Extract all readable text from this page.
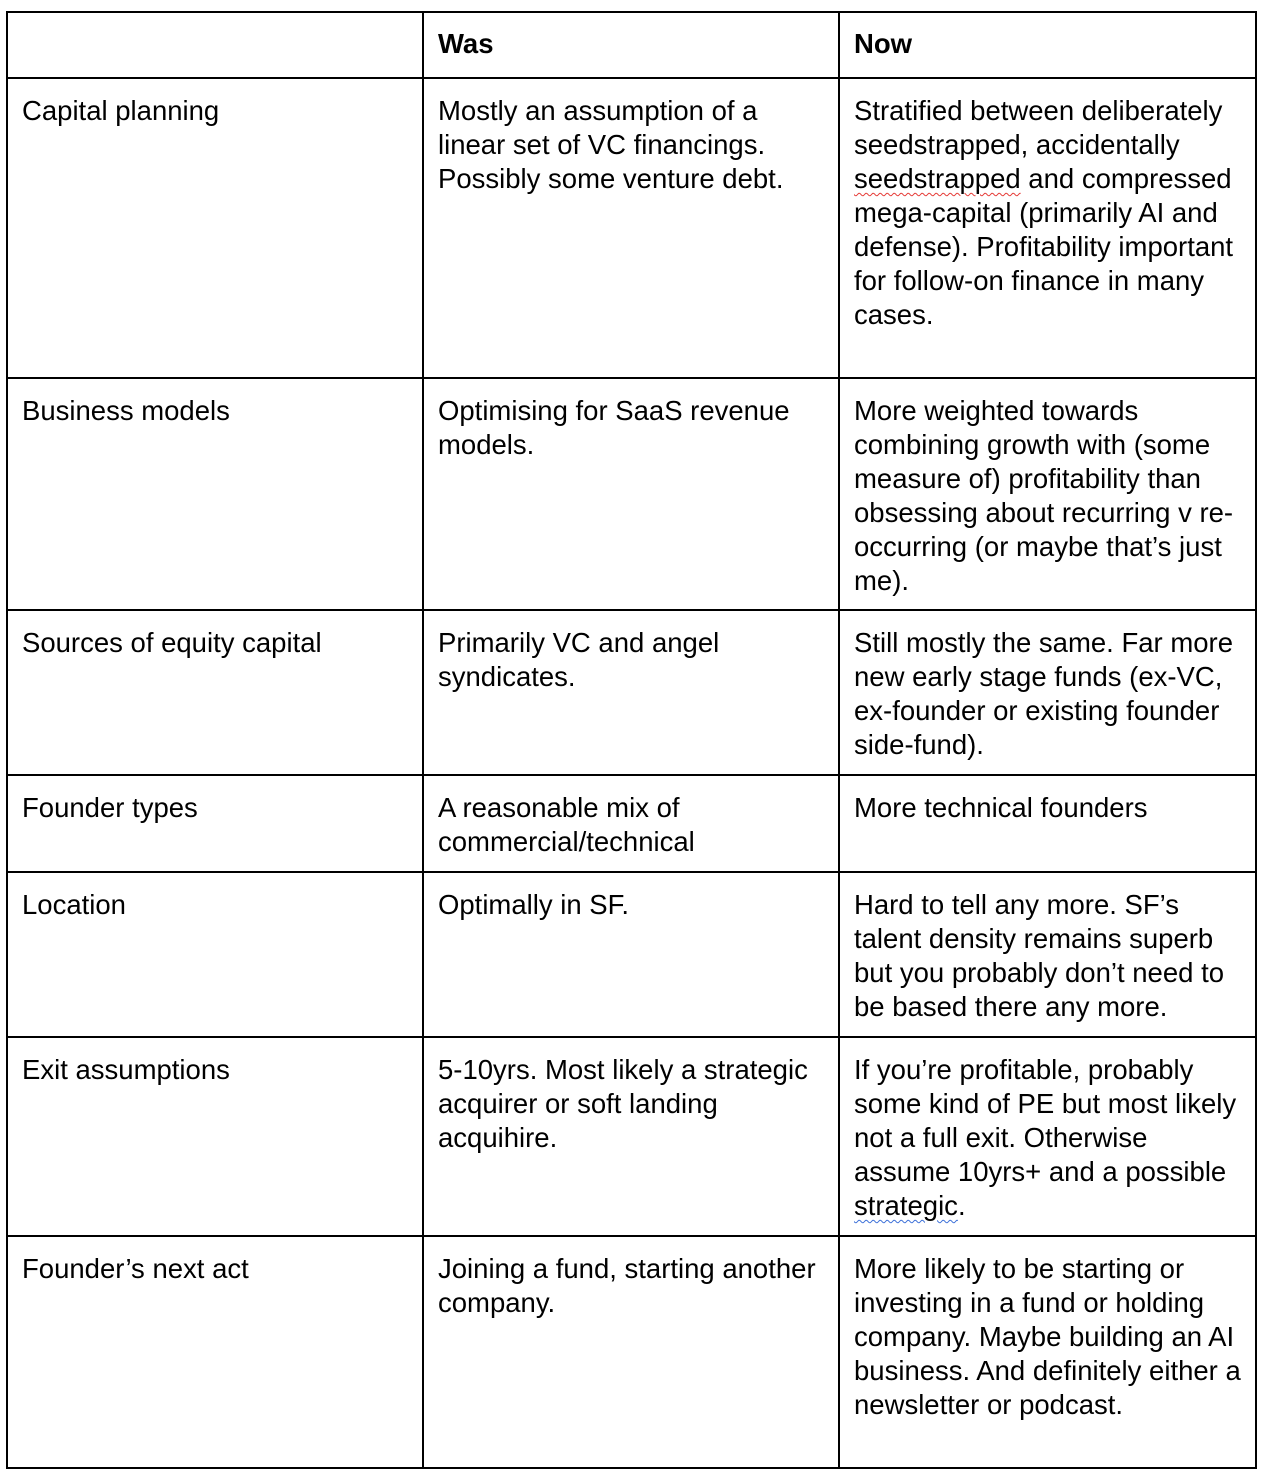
	Was	Now
Capital planning	Mostly an assumption of a linear set of VC financings. Possibly some venture debt.	Stratified between deliberately seedstrapped, accidentally seedstrapped and compressed mega-capital (primarily AI and defense). Profitability important for follow-on finance in many cases.
Business models	Optimising for SaaS revenue models.	More weighted towards combining growth with (some measure of) profitability than obsessing about recurring v re-occurring (or maybe that’s just me).
Sources of equity capital	Primarily VC and angel syndicates.	Still mostly the same. Far more new early stage funds (ex-VC, ex-founder or existing founder side-fund).
Founder types	A reasonable mix of commercial/technical	More technical founders
Location	Optimally in SF.	Hard to tell any more. SF’s talent density remains superb but you probably don’t need to be based there any more.
Exit assumptions	5-10yrs. Most likely a strategic acquirer or soft landing acquihire.	If you’re profitable, probably some kind of PE but most likely not a full exit. Otherwise assume 10yrs+ and a possible strategic.
Founder’s next act	Joining a fund, starting another company.	More likely to be starting or investing in a fund or holding company. Maybe building an AI business. And definitely either a newsletter or podcast.
